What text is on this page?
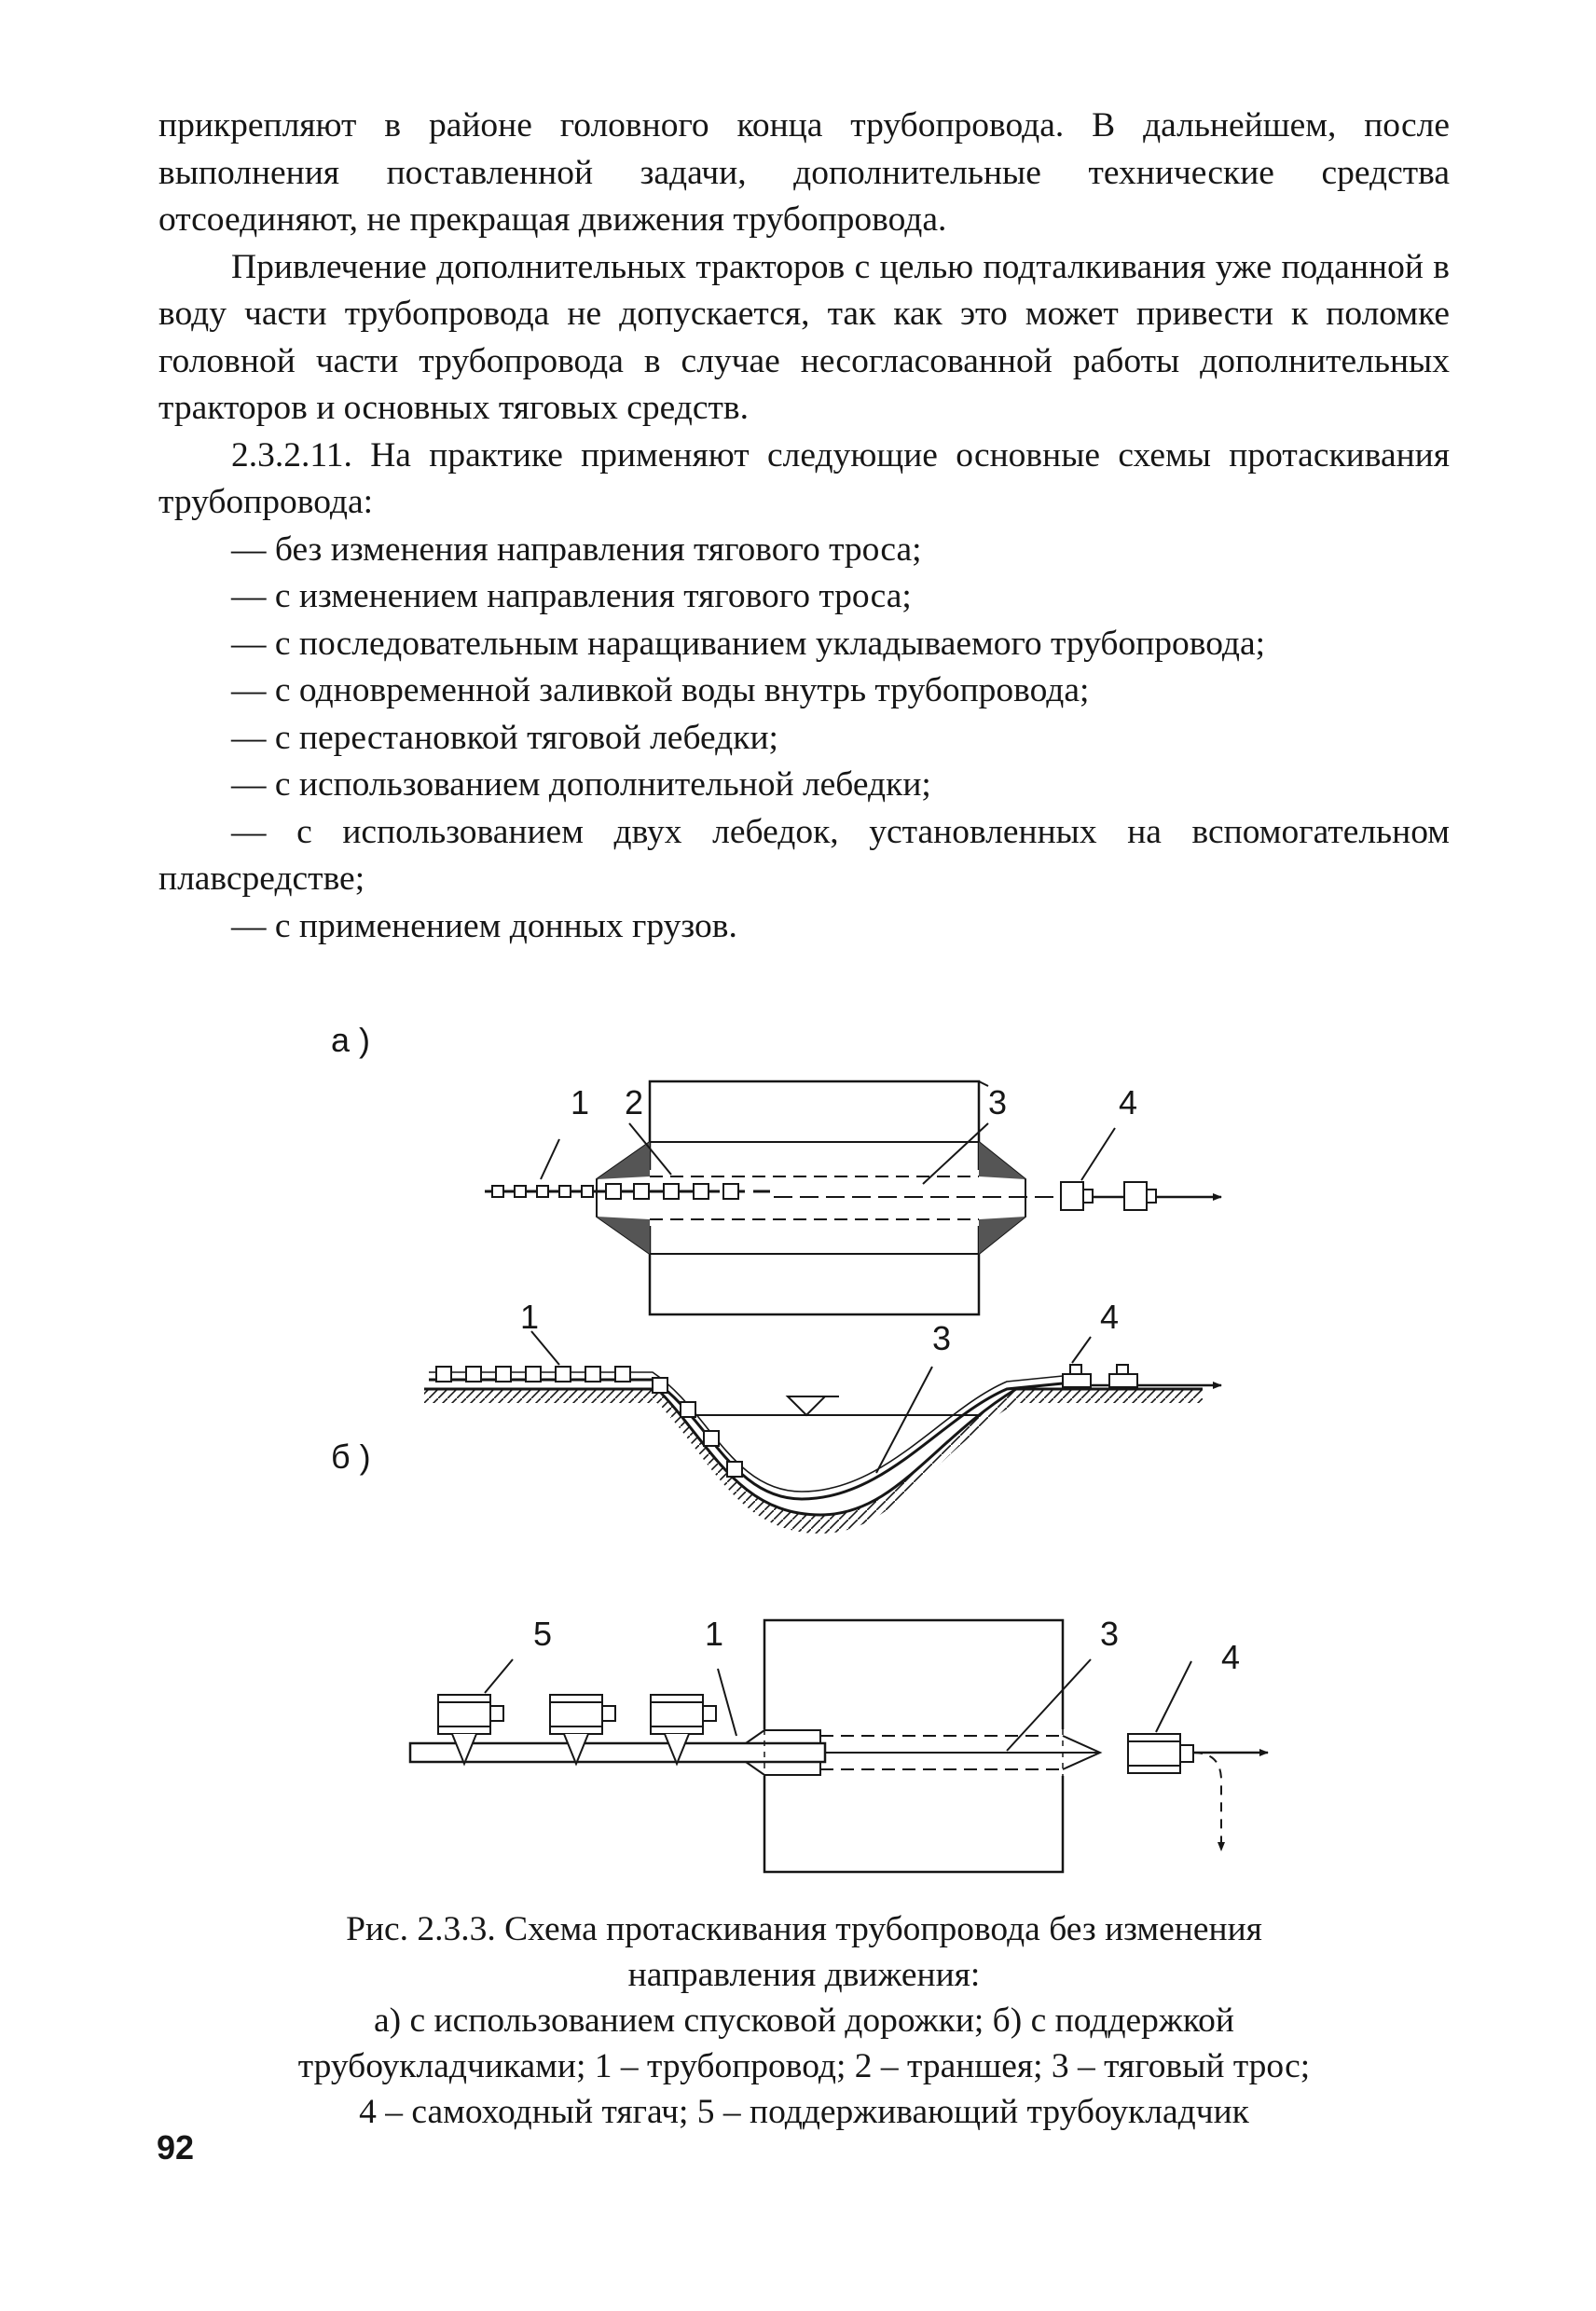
прикрепляют в районе головного конца трубопровода. В дальнейшем, после выполнения поставленной задачи, дополнительные технические средства отсоединяют, не прекращая движения трубопровода.

Привлечение дополнительных тракторов с целью подталкивания уже поданной в воду части трубопровода не допускается, так как это может привести к поломке головной части трубопровода в случае несогласованной работы дополнительных тракторов и основных тяговых средств.

2.3.2.11. На практике применяют следующие основные схемы протаскивания трубопровода:

— без изменения направления тягового троса;
— с изменением направления тягового троса;
— с последовательным наращиванием укладываемого трубопровода;
— с одновременной заливкой воды внутрь трубопровода;
— с перестановкой тяговой лебедки;
— с использованием дополнительной лебедки;
— с использованием двух лебедок, установленных на вспомогательном плавсредстве;
— с применением донных грузов.
а )
б )
1 2	3	4
1
3
4
5	1	3
4
Рис. 2.3.3. Схема протаскивания трубопровода без изменения
направления движения:
а) с использованием спусковой дорожки; б) с поддержкой
трубоукладчиками; 1 – трубопровод; 2 – траншея; 3 – тяговый трос;
4 – самоходный тягач; 5 – поддерживающий трубоукладчик
92
